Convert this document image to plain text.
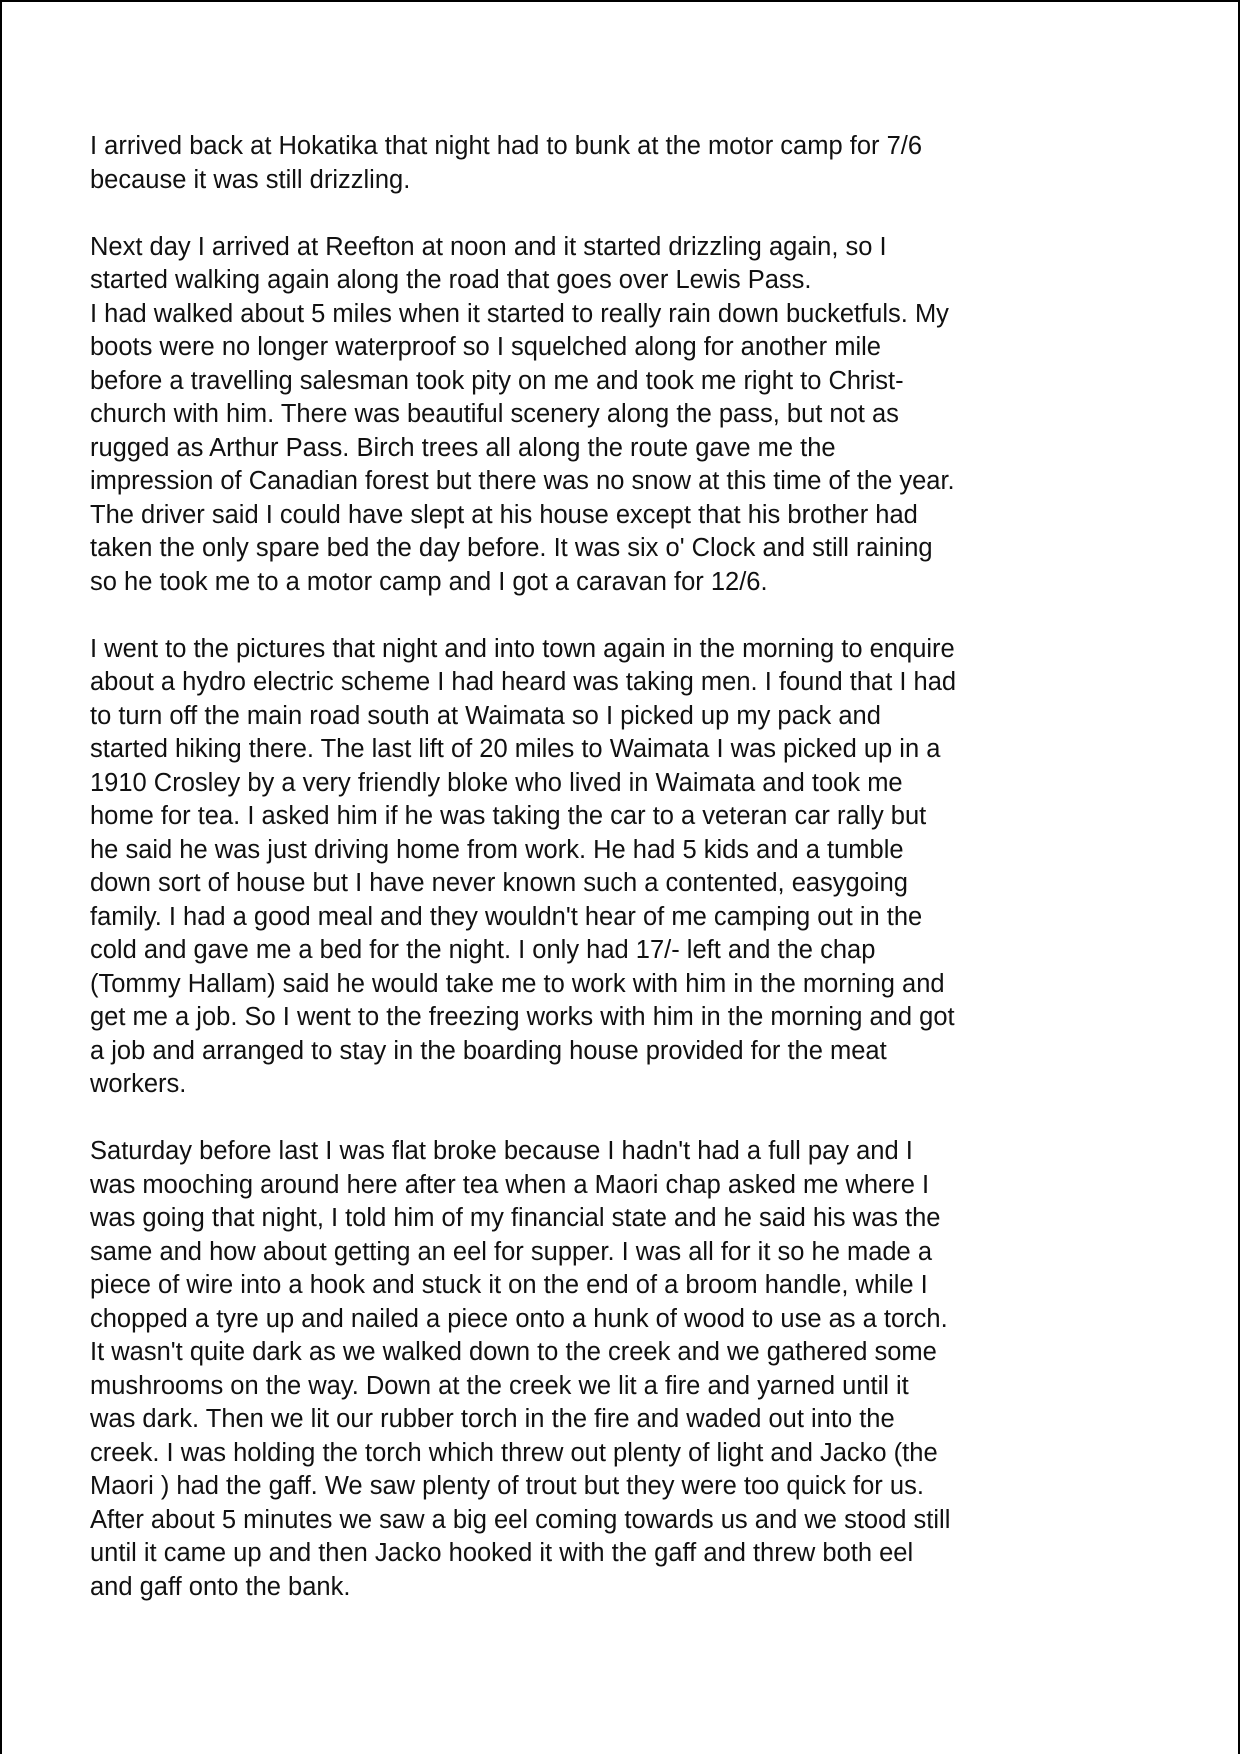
I arrived back at Hokatika that night had to bunk at the motor camp for 7/6
because it was still drizzling.

Next day I arrived at Reefton at noon and it started drizzling again, so I
started walking again along the road that goes over Lewis Pass.

I had walked about 5 miles when it started to really rain down bucketfuls. My
boots were no longer waterproof so I squelched along for another mile
before a travelling salesman took pity on me and took me right to Christ-
church with him. There was beautiful scenery along the pass, but not as
rugged as Arthur Pass. Birch trees all along the route gave me the
impression of Canadian forest but there was no snow at this time of the year.
The driver said I could have slept at his house except that his brother had
taken the only spare bed the day before. It was six o' Clock and still raining
so he took me to a motor camp and I got a caravan for 12/6.

I went to the pictures that night and into town again in the morning to enquire
about a hydro electric scheme I had heard was taking men. I found that I had
to turn off the main road south at Waimata so I picked up my pack and
started hiking there. The last lift of 20 miles to Waimata I was picked up in a
1910 Crosley by a very friendly bloke who lived in Waimata and took me
home for tea. I asked him if he was taking the car to a veteran car rally but
he said he was just driving home from work. He had 5 kids and a tumble
down sort of house but I have never known such a contented, easygoing
family. I had a good meal and they wouldn't hear of me camping out in the
cold and gave me a bed for the night. I only had 17/- left and the chap
(Tommy Hallam) said he would take me to work with him in the morning and
get me a job. So I went to the freezing works with him in the morning and got
a job and arranged to stay in the boarding house provided for the meat
workers.

Saturday before last I was flat broke because I hadn't had a full pay and I
was mooching around here after tea when a Maori chap asked me where I
was going that night, I told him of my financial state and he said his was the
same and how about getting an eel for supper. I was all for it so he made a
piece of wire into a hook and stuck it on the end of a broom handle, while I
chopped a tyre up and nailed a piece onto a hunk of wood to use as a torch.
It wasn't quite dark as we walked down to the creek and we gathered some
mushrooms on the way. Down at the creek we lit a fire and yarned until it
was dark. Then we lit our rubber torch in the fire and waded out into the
creek. I was holding the torch which threw out plenty of light and Jacko (the
Maori ) had the gaff. We saw plenty of trout but they were too quick for us.
After about 5 minutes we saw a big eel coming towards us and we stood still
until it came up and then Jacko hooked it with the gaff and threw both eel
and gaff onto the bank.
